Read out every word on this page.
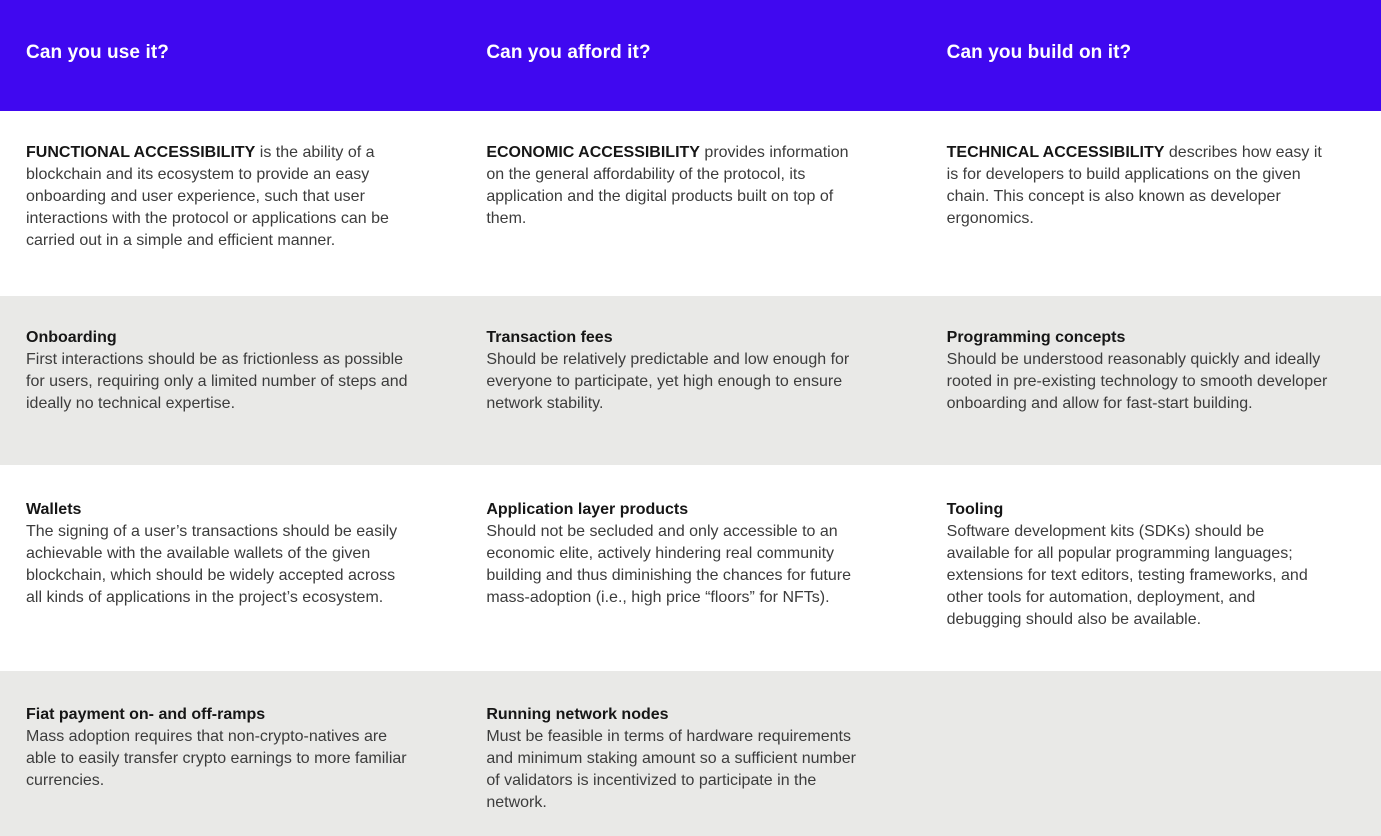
Can you use it?	Can you afford it?	Can you build on it?

FUNCTIONAL ACCESSIBILITY is the ability of a blockchain and its ecosystem to provide an easy onboarding and user experience, such that user interactions with the protocol or applications can be carried out in a simple and efficient manner.

ECONOMIC ACCESSIBILITY provides information on the general affordability of the protocol, its application and the digital products built on top of them.

TECHNICAL ACCESSIBILITY describes how easy it is for developers to build applications on the given chain. This concept is also known as developer ergonomics.

Onboarding
First interactions should be as frictionless as possible for users, requiring only a limited number of steps and ideally no technical expertise.
Transaction fees
Should be relatively predictable and low enough for everyone to participate, yet high enough to ensure network stability.
Programming concepts
Should be understood reasonably quickly and ideally rooted in pre-existing technology to smooth developer onboarding and allow for fast-start building.
Wallets
The signing of a user’s transactions should be easily achievable with the available wallets of the given blockchain, which should be widely accepted across all kinds of applications in the project’s ecosystem.
Application layer products
Should not be secluded and only accessible to an economic elite, actively hindering real community building and thus diminishing the chances for future mass-adoption (i.e., high price “floors” for NFTs).
Tooling
Software development kits (SDKs) should be available for all popular programming languages; extensions for text editors, testing frameworks, and other tools for automation, deployment, and debugging should also be available.
Fiat payment on- and off-ramps
Mass adoption requires that non-crypto-natives are able to easily transfer crypto earnings to more familiar currencies.
Running network nodes
Must be feasible in terms of hardware requirements and minimum staking amount so a sufficient number of validators is incentivized to participate in the network.
